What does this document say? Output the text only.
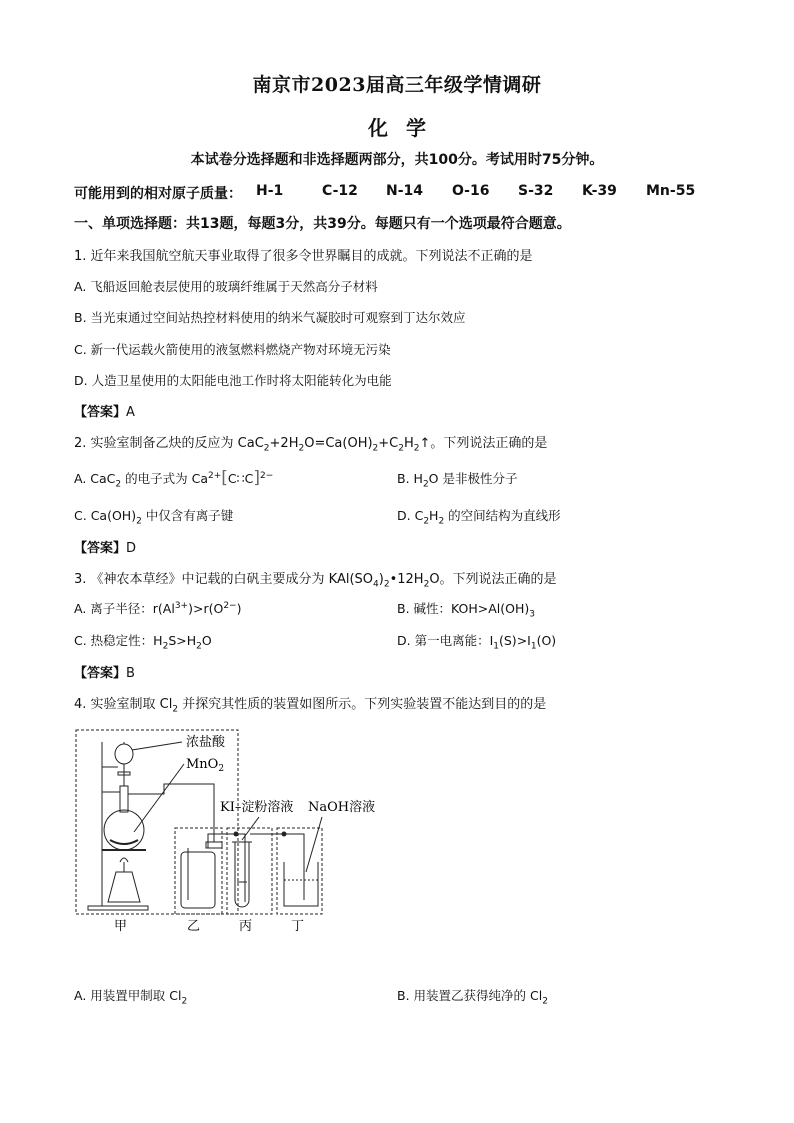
南京市2023届高三年级学情调研
化学
本试卷分选择题和非选择题两部分，共100分。考试用时75分钟。
可能用到的相对原子质量： H-1	C-12 N-14 O-16 S-32 K-39 Mn-55
一、单项选择题：共13题，每题3分，共39分。每题只有一个选项最符合题意。
1. 近年来我国航空航天事业取得了很多令世界瞩目的成就。下列说法不正确的是
A. 飞船返回舱表层使用的玻璃纤维属于天然高分子材料
B. 当光束通过空间站热控材料使用的纳米气凝胶时可观察到丁达尔效应
C. 新一代运载火箭使用的液氢燃料燃烧产物对环境无污染
D. 人造卫星使用的太阳能电池工作时将太阳能转化为电能
【答案】A
2. 实验室制备乙炔的反应为 $CaC_2+2H_2O=Ca(OH)_2+C_2H_2↑$。下列说法正确的是
A. CaC$_2$ 的电子式为 $Ca^{2+}[C∷C]^{2-}$	B. $H_2O$ 是非极性分子
C. $Ca(OH)_2$ 中仅含有离子键	D. $C_2H_2$ 的空间结构为直线形
【答案】D
3. 《神农本草经》中记载的白矾主要成分为 $KAl(SO_4)_2•12H_2O$。下列说法正确的是
A. 离子半径：$r(Al^{3+})>r(O^{2-})$	B. 碱性：$KOH>Al(OH)_3$
C. 热稳定性：$H_2S>H_2O$	D. 第一电离能：$I_1(S)>I_1(O)$
【答案】B
4. 实验室制取 $Cl_2$ 并探究其性质的装置如图所示。下列实验装置不能达到目的的是
浓盐酸
MnO$_2$
KI–淀粉溶液 NaOH溶液
甲	乙	丙	丁
A. 用装置甲制取 $Cl_2$	B. 用装置乙获得纯净的 $Cl_2$
